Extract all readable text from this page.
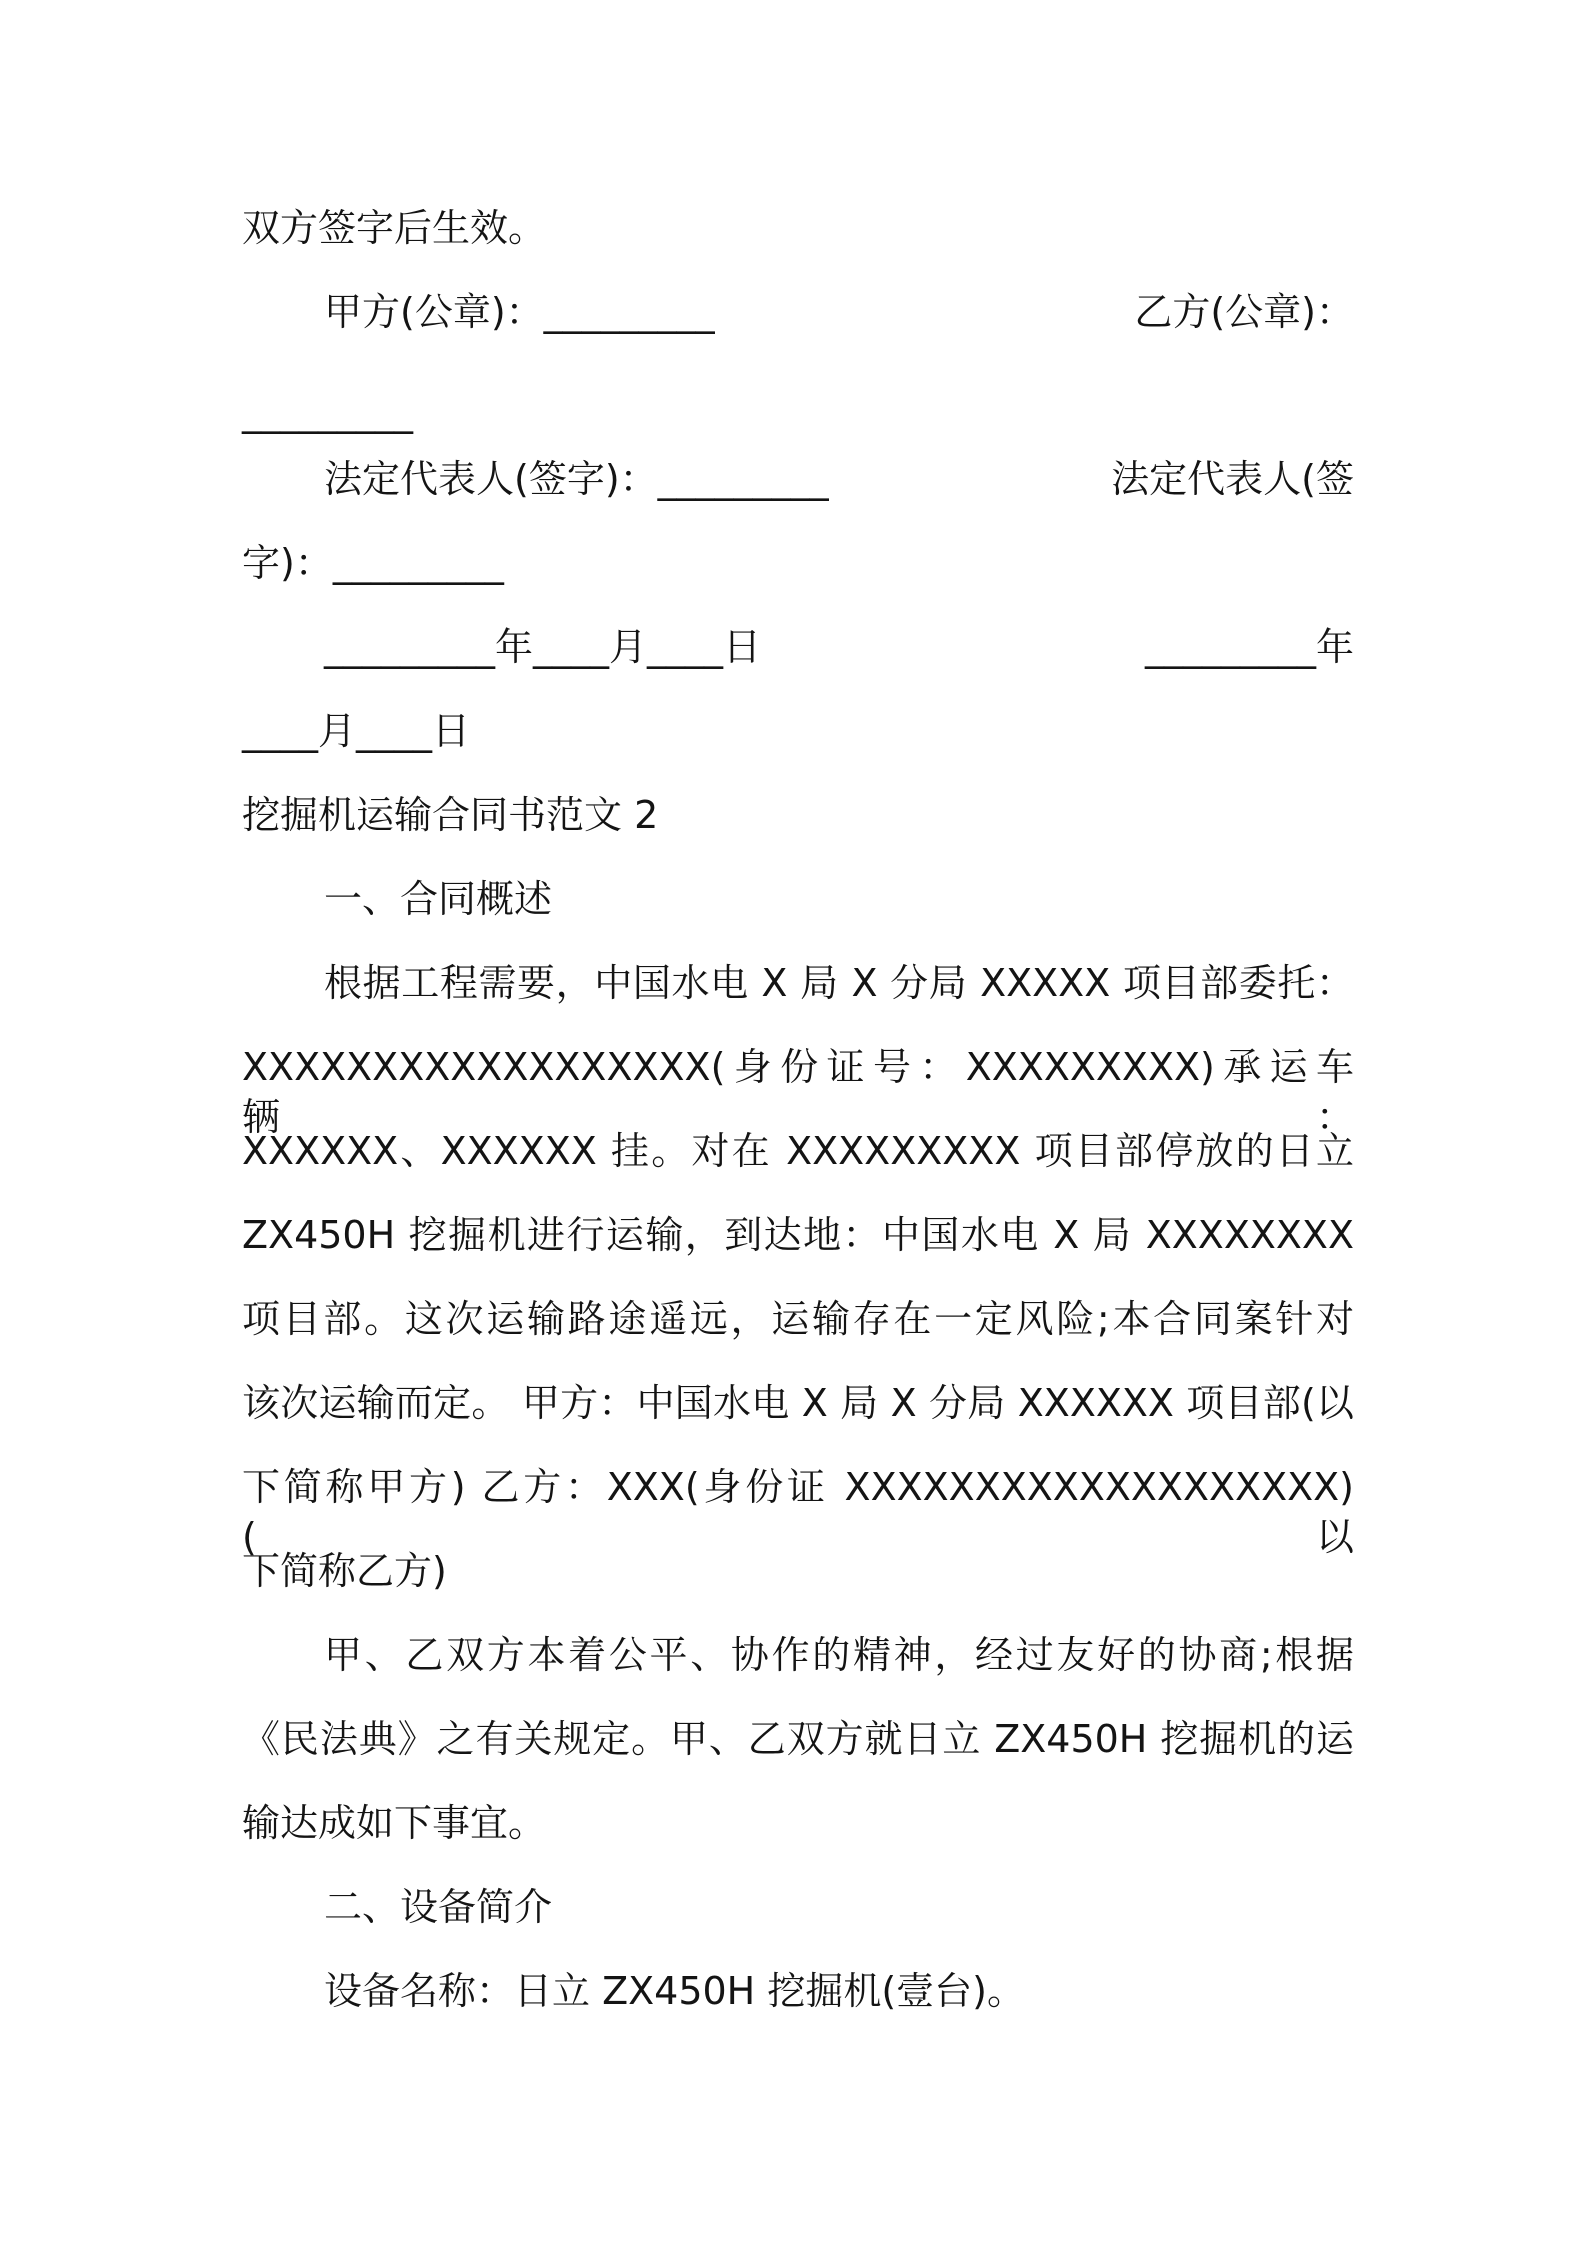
双方签字后生效。
甲方(公章)：_________	乙方(公章)：
_________
法定代表人(签字)：_________	法定代表人(签
字)：_________
_________年____月____日	_________年
____月____日
挖掘机运输合同书范文 2
一、合同概述
根据工程需要，中国水电 X 局 X 分局 XXXXX 项目部委托：
XXXXXXXXXXXXXXXXXX(身份证号：XXXXXXXXX)承运车辆：
XXXXXX、XXXXXX 挂。对在 XXXXXXXXX 项目部停放的日立
ZX450H 挖掘机进行运输，到达地：中国水电 X 局 XXXXXXXX
项目部。这次运输路途遥远，运输存在一定风险;本合同案针对
该次运输而定。 甲方：中国水电 X 局 X 分局 XXXXXX 项目部(以
下简称甲方) 乙方：XXX(身份证 XXXXXXXXXXXXXXXXXXX)(以
下简称乙方)
甲、乙双方本着公平、协作的精神，经过友好的协商;根据
《民法典》之有关规定。甲、乙双方就日立 ZX450H 挖掘机的运
输达成如下事宜。
二、设备简介
设备名称：日立 ZX450H 挖掘机(壹台)。
